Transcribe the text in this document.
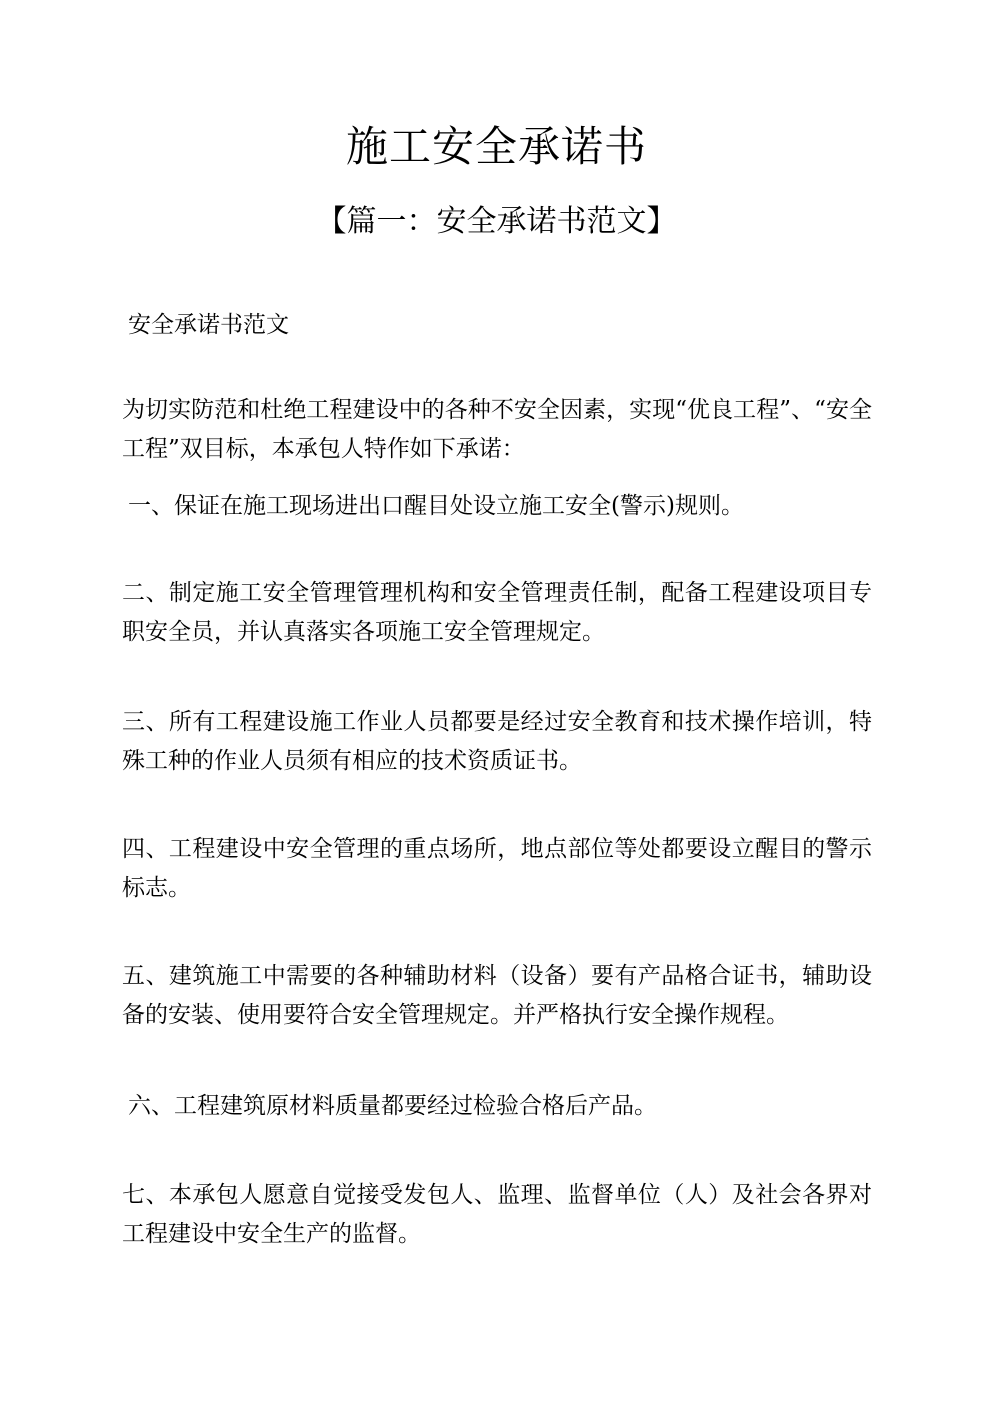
施工安全承诺书
【篇一：安全承诺书范文】
安全承诺书范文
为切实防范和杜绝工程建设中的各种不安全因素，实现“优良工程”、“安全工程”双目标，本承包人特作如下承诺：
一、保证在施工现场进出口醒目处设立施工安全(警示)规则。
二、制定施工安全管理管理机构和安全管理责任制，配备工程建设项目专职安全员，并认真落实各项施工安全管理规定。
三、所有工程建设施工作业人员都要是经过安全教育和技术操作培训，特殊工种的作业人员须有相应的技术资质证书。
四、工程建设中安全管理的重点场所，地点部位等处都要设立醒目的警示标志。
五、建筑施工中需要的各种辅助材料（设备）要有产品格合证书，辅助设备的安装、使用要符合安全管理规定。并严格执行安全操作规程。
六、工程建筑原材料质量都要经过检验合格后产品。
七、本承包人愿意自觉接受发包人、监理、监督单位（人）及社会各界对工程建设中安全生产的监督。
